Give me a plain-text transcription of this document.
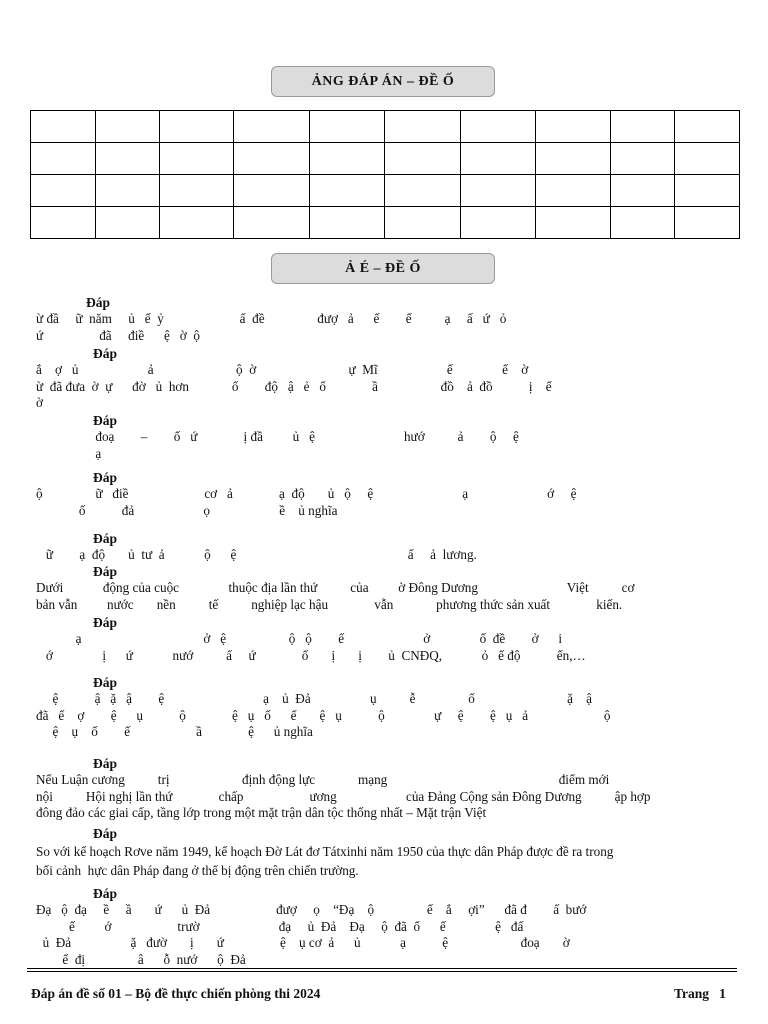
ẢNG ĐÁP ÁN – ĐỀ Ố

Ả É – ĐỀ Ố
Đáp
ừ đầ     ữ  năm     ủ   ế  ỷ                       ấ  đề                đượ   ả      ế        ế          ạ     ấ   ứ   ỏ
ứ                 đã     điề      ệ   ờ  ộ
Đáp
ắ    ợ   ủ                     ả                         ộ  ờ                            ự  Mĩ                     ế               ế    ờ
ừ  đã đưa  ờ  ự      đờ   ủ  hơn             ố        độ   ậ   ẻ   ổ              ầ                   đồ    ả  đồ           ị    ế
ờ
Đáp
đoạ        –        ố   ứ              ị đầ         ủ   ệ                           hướ          ả        ộ     ệ
ạ
Đáp
ộ                ữ   điề                       cơ   ả              ạ  độ       ủ   ộ     ệ                           ạ                        ớ     ệ
ố           đả                     ọ                     ề    ủ nghĩa
Đáp
ữ        ạ  độ       ủ  tư  ả            ộ      ệ                                                    ấ     ả  lương.
Đáp
Dưới            động của cuộc               thuộc địa lần thứ          của         ờ Đông Dương                           Việt          cơ
bản vẫn         nước       nền          tế          nghiệp lạc hậu              vẫn             phương thức sản xuất              kiến.
Đáp
ạ                                     ở   ệ                   ộ   ộ        ế                        ở               ố  đề        ở      i
ớ               ị      ứ            nướ          ấ     ứ              ố       ị       ị        ủ  CNĐQ,            ỏ   ế độ           ến,…
Đáp
ệ           ậ   ặ   ậ        ệ                              ạ    ủ  Đả                  ụ          ễ                ố                            ặ    ậ
đã   ế    ợ        ệ      ụ           ộ              ệ   ụ   ố      ế       ệ   ụ           ộ               ự     ệ        ệ   ụ   ả                       ộ
ệ    ụ    ố        ế                    ầ              ệ      ủ nghĩa
Đáp
Nếu Luận cương          trị                      định động lực             mạng                                                    điểm mới
nội          Hội nghị lần thứ              chấp                    ương                     của Đảng Cộng sản Đông Dương          ập hợp
đông đảo các giai cấp, tầng lớp trong một mặt trận dân tộc thống nhất – Mặt trận Việt
Đáp
So với kế hoạch Rơve năm 1949, kế hoạch Đờ Lát đơ Tátxinhi năm 1950 của thực dân Pháp được đề ra trong
bối cảnh  hực dân Pháp đang ở thế bị động trên chiến trường.
Đáp
Đạ   ộ  đạ     ề     ầ       ứ      ủ  Đả                    đượ     ọ    “Đạ    ộ                ế    ắ     ợi”      đã đ        ấ  bướ
ế         ớ                    trườ                        đạ     ủ  Đả    Đạ     ộ  đã  ổ      ế               ệ   đấ
ủ  Đả                  ặ   đườ       ị       ứ                 ệ    ụ cơ  ả      ủ            ạ           ệ                      đoạ       ờ
ế  đị                â      ỗ  nướ      ộ  Đả
Đáp án đề số 01 – Bộ đề thực chiến phòng thi 2024	Trang 1
